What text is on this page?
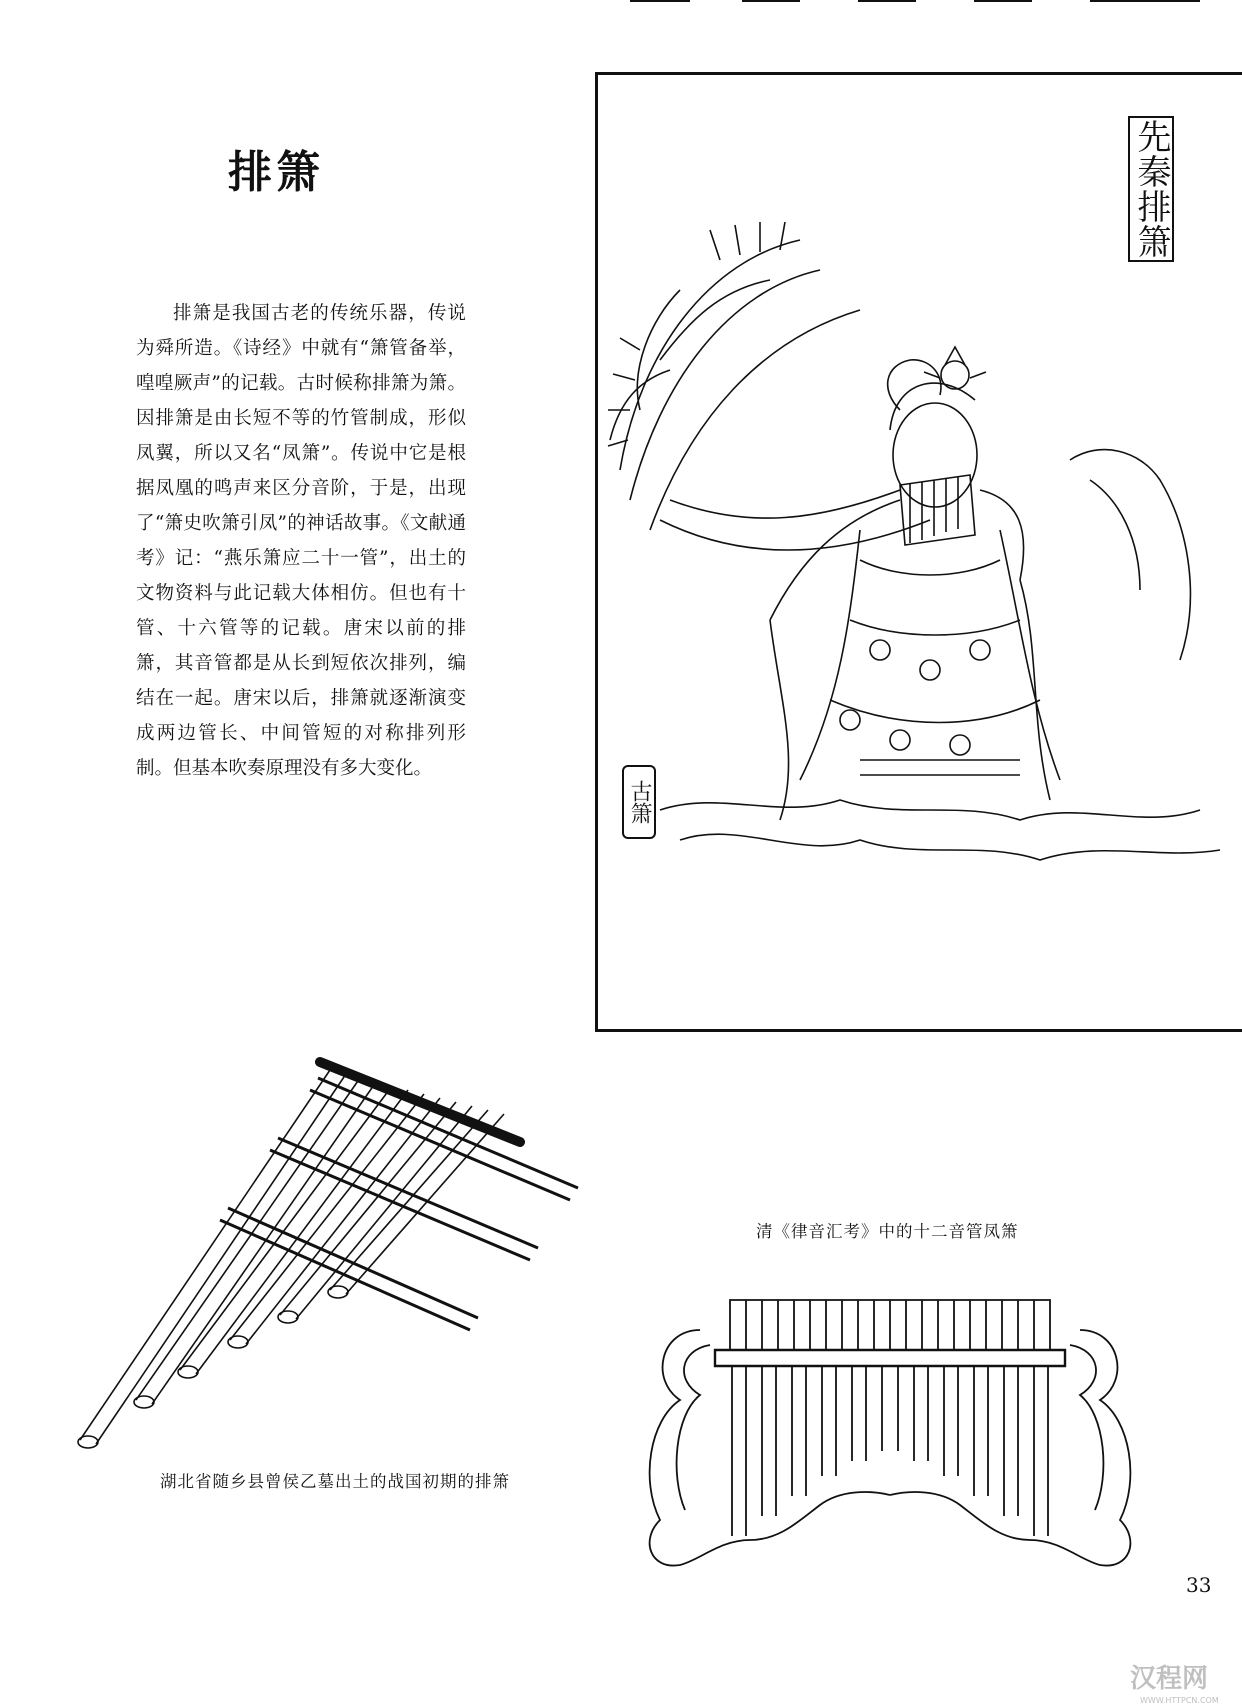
排箫

排箫是我国古老的传统乐器，传说为舜所造。《诗经》中就有“箫管备举，喤喤厥声”的记载。古时候称排箫为箫。因排箫是由长短不等的竹管制成，形似凤翼，所以又名“凤箫”。传说中它是根据凤凰的鸣声来区分音阶，于是，出现了“箫史吹箫引凤”的神话故事。《文献通考》记：“燕乐箫应二十一管”，出土的文物资料与此记载大体相仿。但也有十管、十六管等的记载。唐宋以前的排箫，其音管都是从长到短依次排列，编结在一起。唐宋以后，排箫就逐渐演变成两边管长、中间管短的对称排列形制。但基本吹奏原理没有多大变化。

先秦排箫
古箫
湖北省随乡县曾侯乙墓出土的战国初期的排箫
清《律音汇考》中的十二音管凤箫
33
汉程网
WWW.HTTPCN.COM
